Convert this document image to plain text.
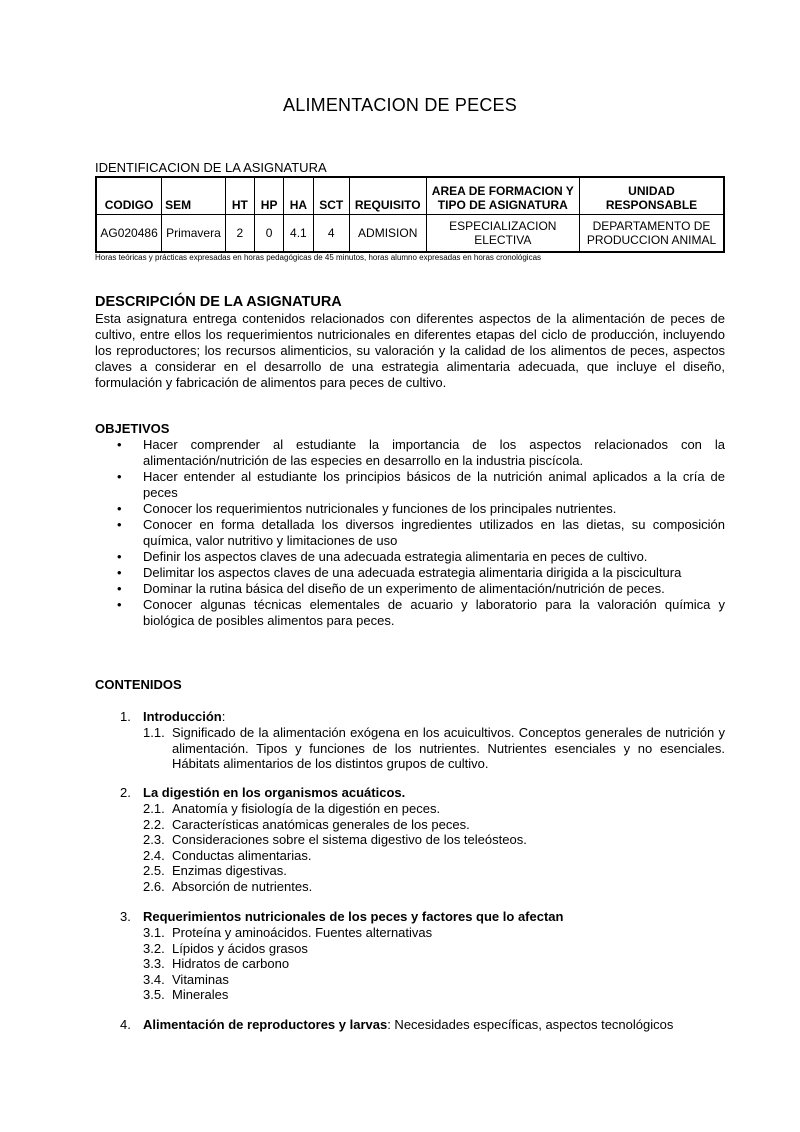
ALIMENTACION DE PECES
IDENTIFICACION DE LA ASIGNATURA
CODIGO	SEM	HT	HP	HA	SCT	REQUISITO	AREA DE FORMACION Y TIPO DE ASIGNATURA	UNIDAD RESPONSABLE
AG020486	Primavera	2	0	4.1	4	ADMISION	ESPECIALIZACION ELECTIVA	DEPARTAMENTO DE PRODUCCION ANIMAL
Horas teóricas y prácticas expresadas en horas pedagógicas de 45 minutos, horas alumno expresadas en horas cronológicas
DESCRIPCIÓN DE LA ASIGNATURA

Esta asignatura entrega contenidos relacionados con diferentes aspectos de la alimentación de peces de cultivo, entre ellos los requerimientos nutricionales en diferentes etapas del ciclo de producción, incluyendo los reproductores; los recursos alimenticios, su valoración y la calidad de los alimentos de peces, aspectos claves a considerar en el desarrollo de una estrategia alimentaria adecuada, que incluye el diseño, formulación y fabricación de alimentos para peces de cultivo.

OBJETIVOS
• Hacer comprender al estudiante la importancia de los aspectos relacionados con la alimentación/nutrición de las especies en desarrollo en la industria piscícola.
• Hacer entender al estudiante los principios básicos de la nutrición animal aplicados a la cría de peces
• Conocer los requerimientos nutricionales y funciones de los principales nutrientes.
• Conocer en forma detallada los diversos ingredientes utilizados en las dietas, su composición química, valor nutritivo y limitaciones de uso
• Definir los aspectos claves de una adecuada estrategia alimentaria en peces de cultivo.
• Delimitar los aspectos claves de una adecuada estrategia alimentaria dirigida a la piscicultura
• Dominar la rutina básica del diseño de un experimento de alimentación/nutrición de peces.
• Conocer algunas técnicas elementales de acuario y laboratorio para la valoración química y biológica de posibles alimentos para peces.
CONTENIDOS
1. Introducción:
1.1. Significado de la alimentación exógena en los acuicultivos. Conceptos generales de nutrición y alimentación. Tipos y funciones de los nutrientes. Nutrientes esenciales y no esenciales. Hábitats alimentarios de los distintos grupos de cultivo.
2. La digestión en los organismos acuáticos.
2.1. Anatomía y fisiología de la digestión en peces.
2.2. Características anatómicas generales de los peces.
2.3. Consideraciones sobre el sistema digestivo de los teleósteos.
2.4. Conductas alimentarias.
2.5. Enzimas digestivas.
2.6. Absorción de nutrientes.
3. Requerimientos nutricionales de los peces y factores que lo afectan
3.1. Proteína y aminoácidos. Fuentes alternativas
3.2. Lípidos y ácidos grasos
3.3. Hidratos de carbono
3.4. Vitaminas
3.5. Minerales
4. Alimentación de reproductores y larvas: Necesidades específicas, aspectos tecnológicos
